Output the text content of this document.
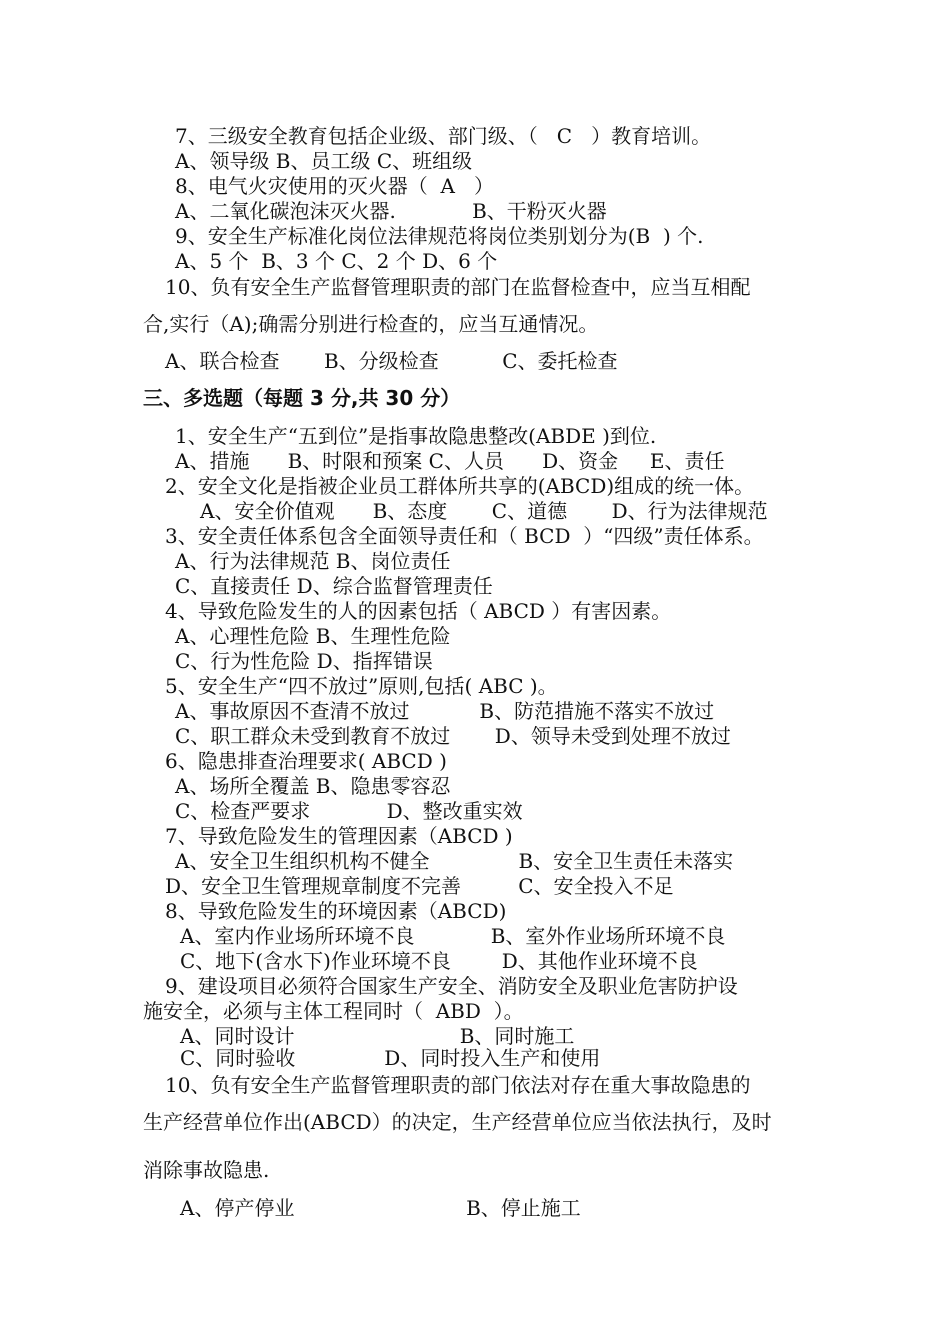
7、三级安全教育包括企业级、部门级、（   C   ）教育培训。
A、领导级 B、员工级 C、班组级
8、电气火灾使用的灭火器（  A   ）
A、二氧化碳泡沫灭火器.            B、干粉灭火器
9、安全生产标准化岗位法律规范将岗位类别划分为(B  ) 个.
A、5 个  B、3 个 C、2 个 D、6 个
10、负有安全生产监督管理职责的部门在监督检查中，应当互相配
合,实行（A);确需分别进行检查的，应当互通情况。
A、联合检查       B、分级检查          C、委托检查
三、多选题（每题 3 分,共 30 分）
1、安全生产“五到位”是指事故隐患整改(ABDE )到位.
A、措施      B、时限和预案 C、人员      D、资金     E、责任
2、安全文化是指被企业员工群体所共享的(ABCD)组成的统一体。
A、安全价值观      B、态度       C、道德       D、行为法律规范
3、安全责任体系包含全面领导责任和（ BCD  ）“四级”责任体系。
A、行为法律规范 B、岗位责任
C、直接责任 D、综合监督管理责任
4、导致危险发生的人的因素包括（ ABCD ）有害因素。
A、心理性危险 B、生理性危险
C、行为性危险 D、指挥错误
5、安全生产“四不放过”原则,包括( ABC )。
A、事故原因不查清不放过           B、防范措施不落实不放过
C、职工群众未受到教育不放过       D、领导未受到处理不放过
6、隐患排查治理要求( ABCD )
A、场所全覆盖 B、隐患零容忍
C、检查严要求            D、整改重实效
7、导致危险发生的管理因素（ABCD )
A、安全卫生组织机构不健全              B、安全卫生责任未落实
D、安全卫生管理规章制度不完善         C、安全投入不足
8、导致危险发生的环境因素（ABCD)
A、室内作业场所环境不良            B、室外作业场所环境不良
C、地下(含水下)作业环境不良        D、其他作业环境不良
9、建设项目必须符合国家生产安全、消防安全及职业危害防护设
施安全，必须与主体工程同时（  ABD  ）。
A、同时设计                          B、同时施工
C、同时验收              D、同时投入生产和使用
10、负有安全生产监督管理职责的部门依法对存在重大事故隐患的
生产经营单位作出(ABCD）的决定，生产经营单位应当依法执行，及时
消除事故隐患.
A、停产停业                           B、停止施工
